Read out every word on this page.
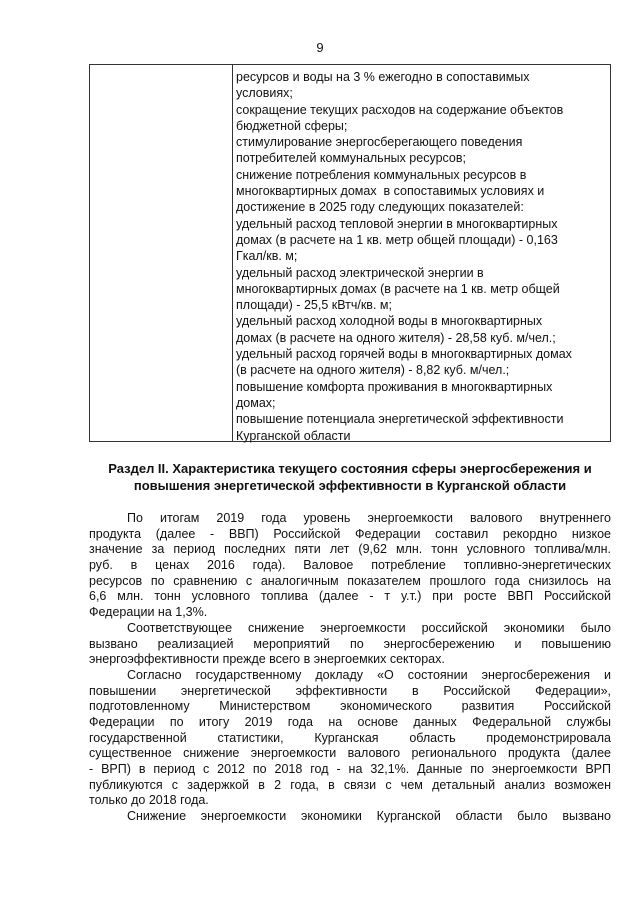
9
ресурсов и воды на 3 % ежегодно в сопоставимых
условиях;
сокращение текущих расходов на содержание объектов
бюджетной сферы;
стимулирование энергосберегающего поведения
потребителей коммунальных ресурсов;
снижение потребления коммунальных ресурсов в
многоквартирных домах  в сопоставимых условиях и
достижение в 2025 году следующих показателей:
удельный расход тепловой энергии в многоквартирных
домах (в расчете на 1 кв. метр общей площади) - 0,163
Гкал/кв. м;
удельный расход электрической энергии в
многоквартирных домах (в расчете на 1 кв. метр общей
площади) - 25,5 кВтч/кв. м;
удельный расход холодной воды в многоквартирных
домах (в расчете на одного жителя) - 28,58 куб. м/чел.;
удельный расход горячей воды в многоквартирных домах
(в расчете на одного жителя) - 8,82 куб. м/чел.;
повышение комфорта проживания в многоквартирных
домах;
повышение потенциала энергетической эффективности
Курганской области
Раздел II. Характеристика текущего состояния сферы энергосбережения и
повышения энергетической эффективности в Курганской области
По итогам 2019 года уровень энергоемкости валового внутреннего
продукта (далее - ВВП) Российской Федерации составил рекордно низкое
значение за период последних пяти лет (9,62 млн. тонн условного топлива/млн.
руб. в ценах 2016 года). Валовое потребление топливно-энергетических
ресурсов по сравнению с аналогичным показателем прошлого года снизилось на
6,6 млн. тонн условного топлива (далее - т у.т.) при росте ВВП Российской
Федерации на 1,3%.
Соответствующее снижение энергоемкости российской экономики было
вызвано реализацией мероприятий по энергосбережению и повышению
энергоэффективности прежде всего в энергоемких секторах.
Согласно государственному докладу «О состоянии энергосбережения и
повышении энергетической эффективности в Российской Федерации»,
подготовленному Министерством экономического развития Российской
Федерации по итогу 2019 года на основе данных Федеральной службы
государственной статистики, Курганская область продемонстрировала
существенное снижение энергоемкости валового регионального продукта (далее
- ВРП) в период с 2012 по 2018 год - на 32,1%. Данные по энергоемкости ВРП
публикуются с задержкой в 2 года, в связи с чем детальный анализ возможен
только до 2018 года.
Снижение энергоемкости экономики Курганской области было вызвано
